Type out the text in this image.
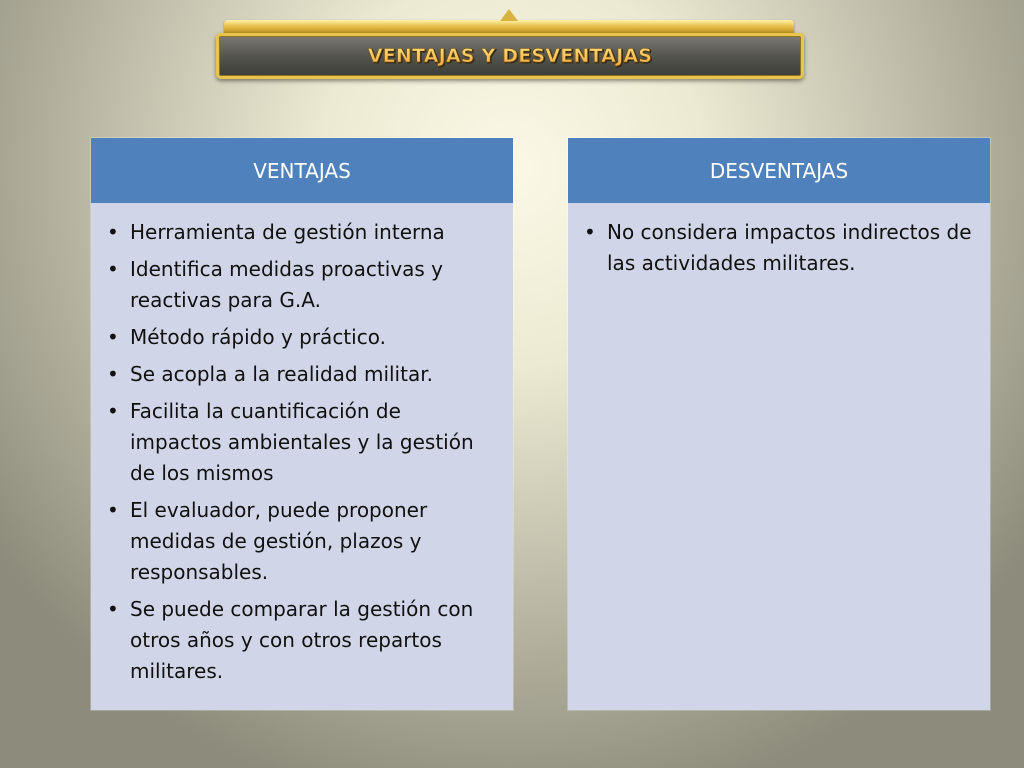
VENTAJAS Y DESVENTAJAS
VENTAJAS
• Herramienta de gestión interna
• Identifica medidas proactivas y reactivas para G.A.
• Método rápido y práctico.
• Se acopla a la realidad militar.
• Facilita la cuantificación de impactos ambientales y la gestión de los mismos
• El evaluador, puede proponer medidas de gestión, plazos y responsables.
• Se puede comparar la gestión con otros años y con otros repartos militares.
DESVENTAJAS
• No considera impactos indirectos de las actividades militares.
